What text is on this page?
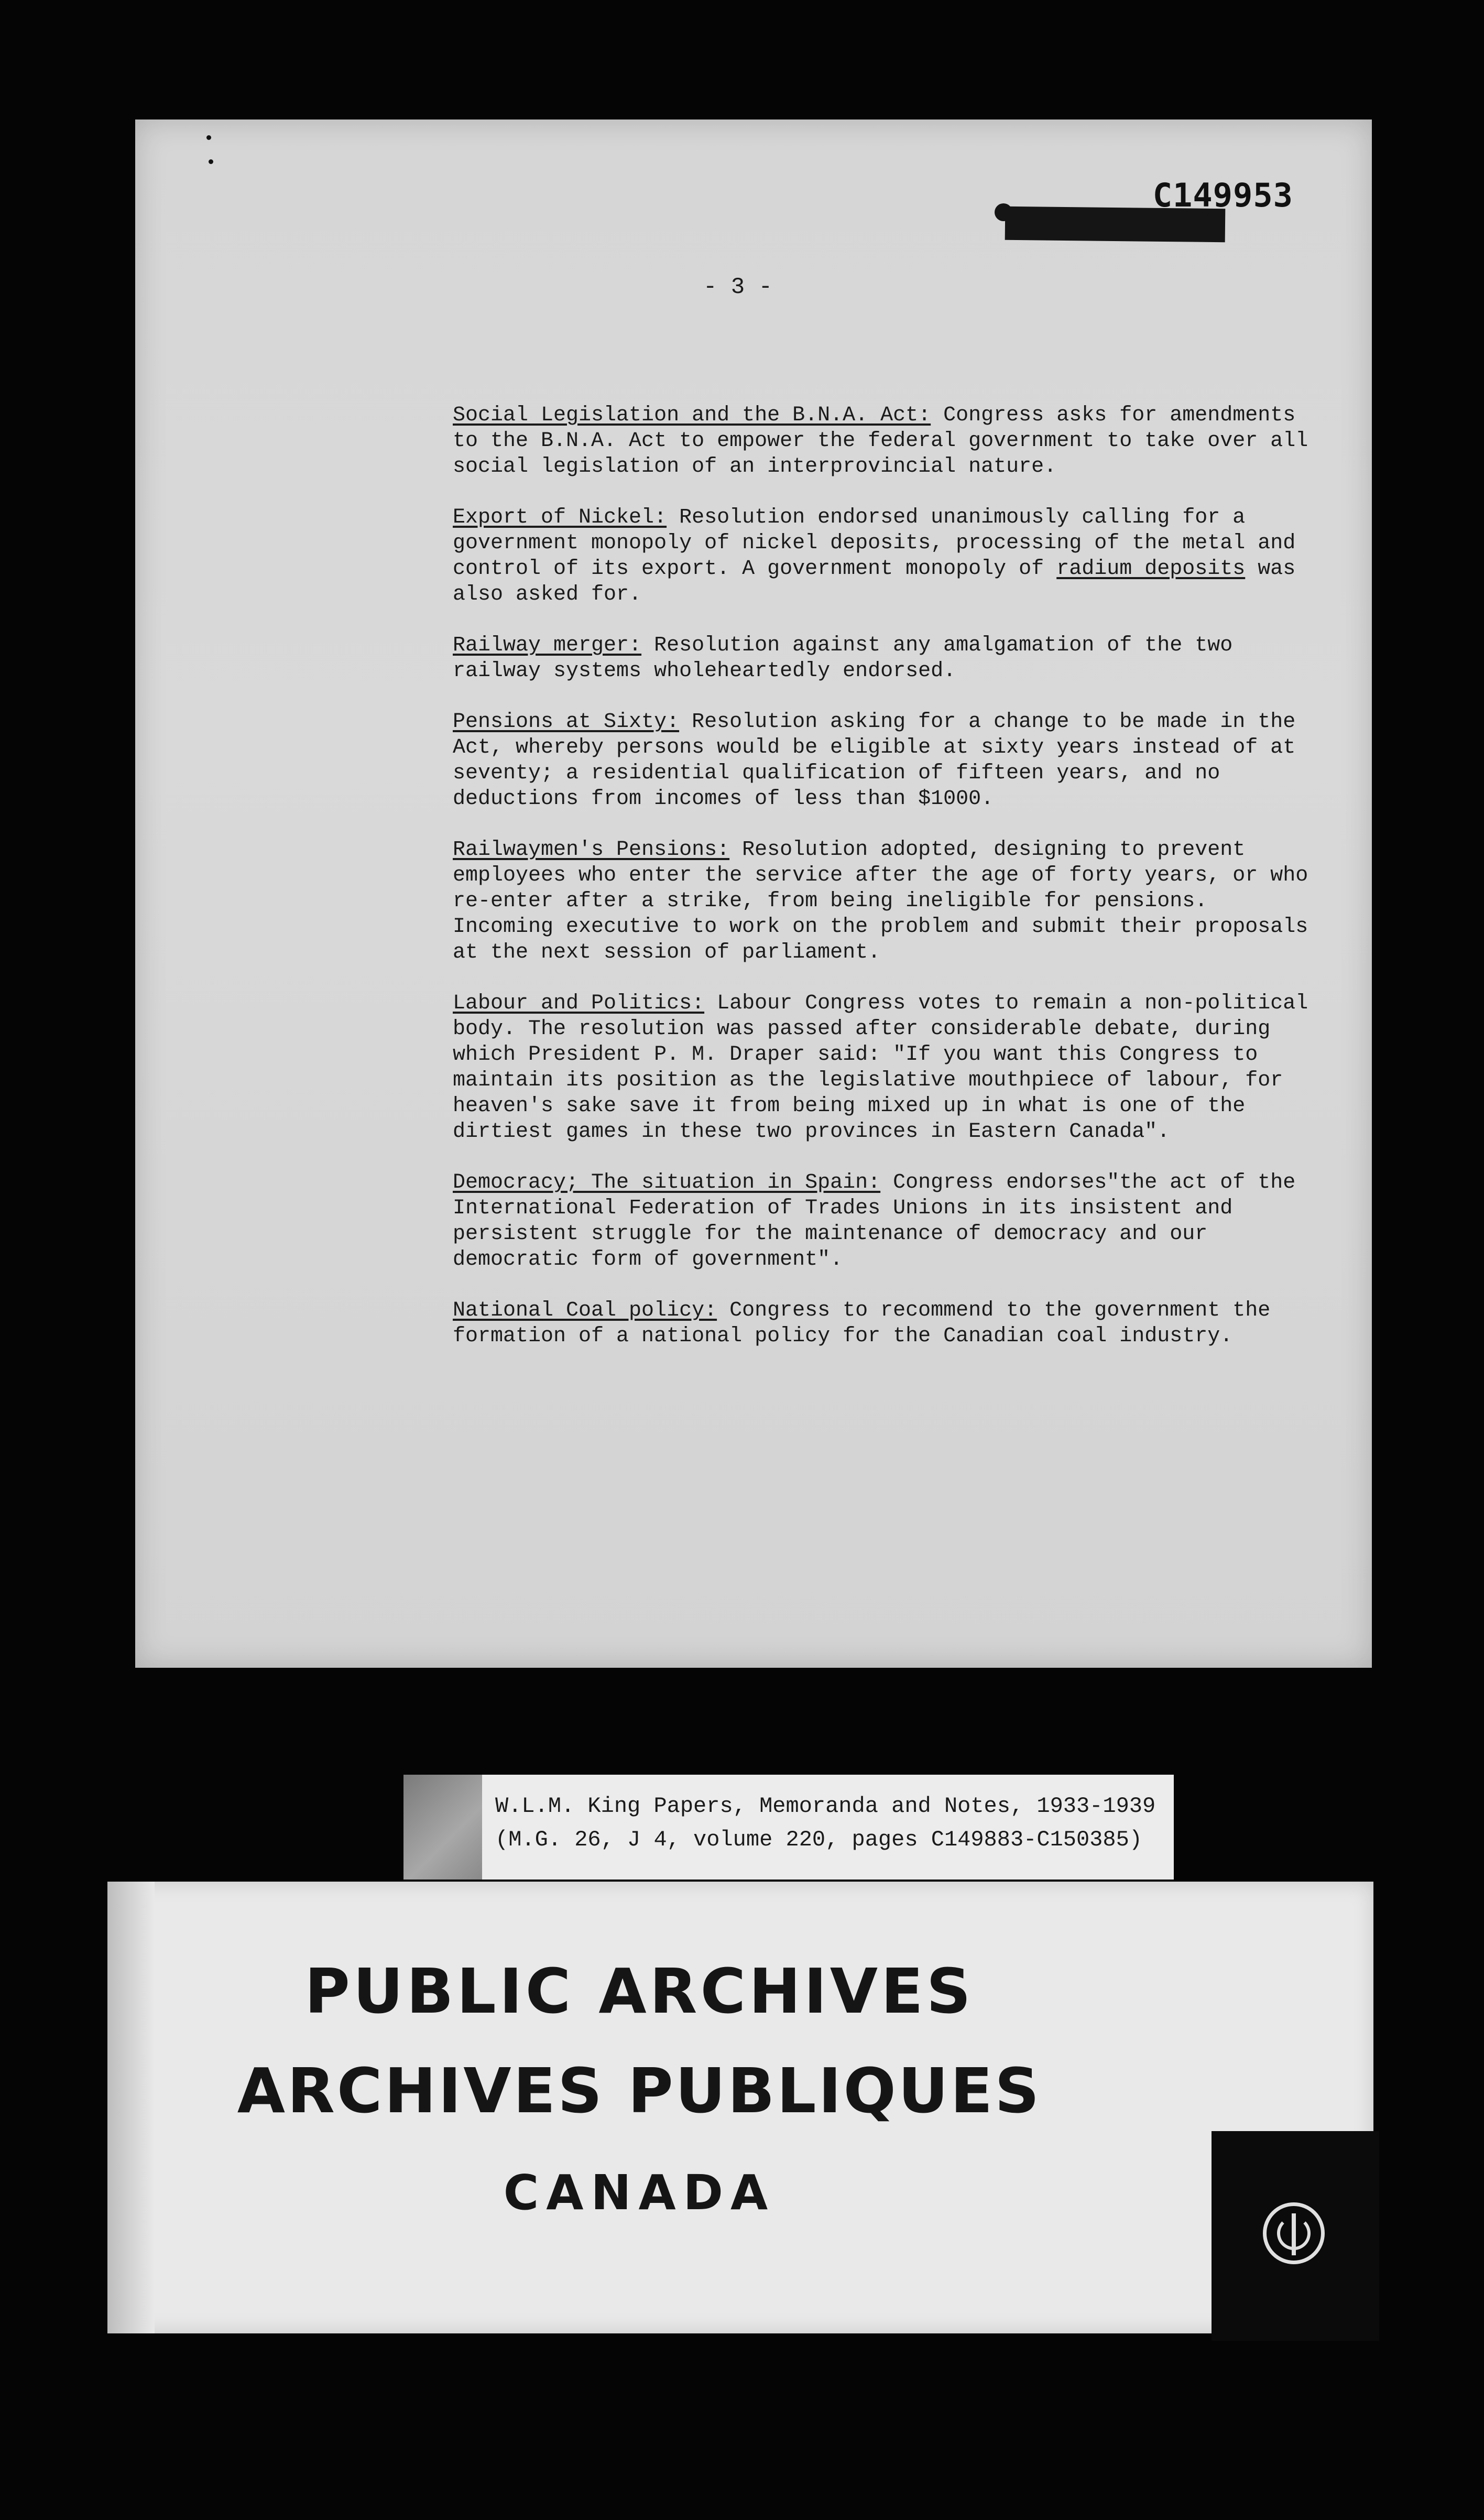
C149953
- 3 -

Social Legislation and the B.N.A. Act: Congress asks for amendments to the B.N.A. Act to empower the federal government to take over all social legislation of an interprovincial nature.

Export of Nickel: Resolution endorsed unanimously calling for a government monopoly of nickel deposits, processing of the metal and control of its export. A government monopoly of radium deposits was also asked for.

Railway merger: Resolution against any amalgamation of the two railway systems wholeheartedly endorsed.

Pensions at Sixty: Resolution asking for a change to be made in the Act, whereby persons would be eligible at sixty years instead of at seventy; a residential qualification of fifteen years, and no deductions from incomes of less than $1000.

Railwaymen's Pensions: Resolution adopted, designing to prevent employees who enter the service after the age of forty years, or who re-enter after a strike, from being ineligible for pensions. Incoming executive to work on the problem and submit their proposals at the next session of parliament.

Labour and Politics: Labour Congress votes to remain a non-political body. The resolution was passed after considerable debate, during which President P. M. Draper said: "If you want this Congress to maintain its position as the legislative mouthpiece of labour, for heaven's sake save it from being mixed up in what is one of the dirtiest games in these two provinces in Eastern Canada".

Democracy; The situation in Spain: Congress endorses"the act of the International Federation of Trades Unions in its insistent and persistent struggle for the maintenance of democracy and our democratic form of government".

National Coal policy: Congress to recommend to the government the formation of a national policy for the Canadian coal industry.

W.L.M. King Papers, Memoranda and Notes, 1933-1939
(M.G. 26, J 4, volume 220, pages C149883-C150385)
PUBLIC ARCHIVES
ARCHIVES PUBLIQUES
CANADA
